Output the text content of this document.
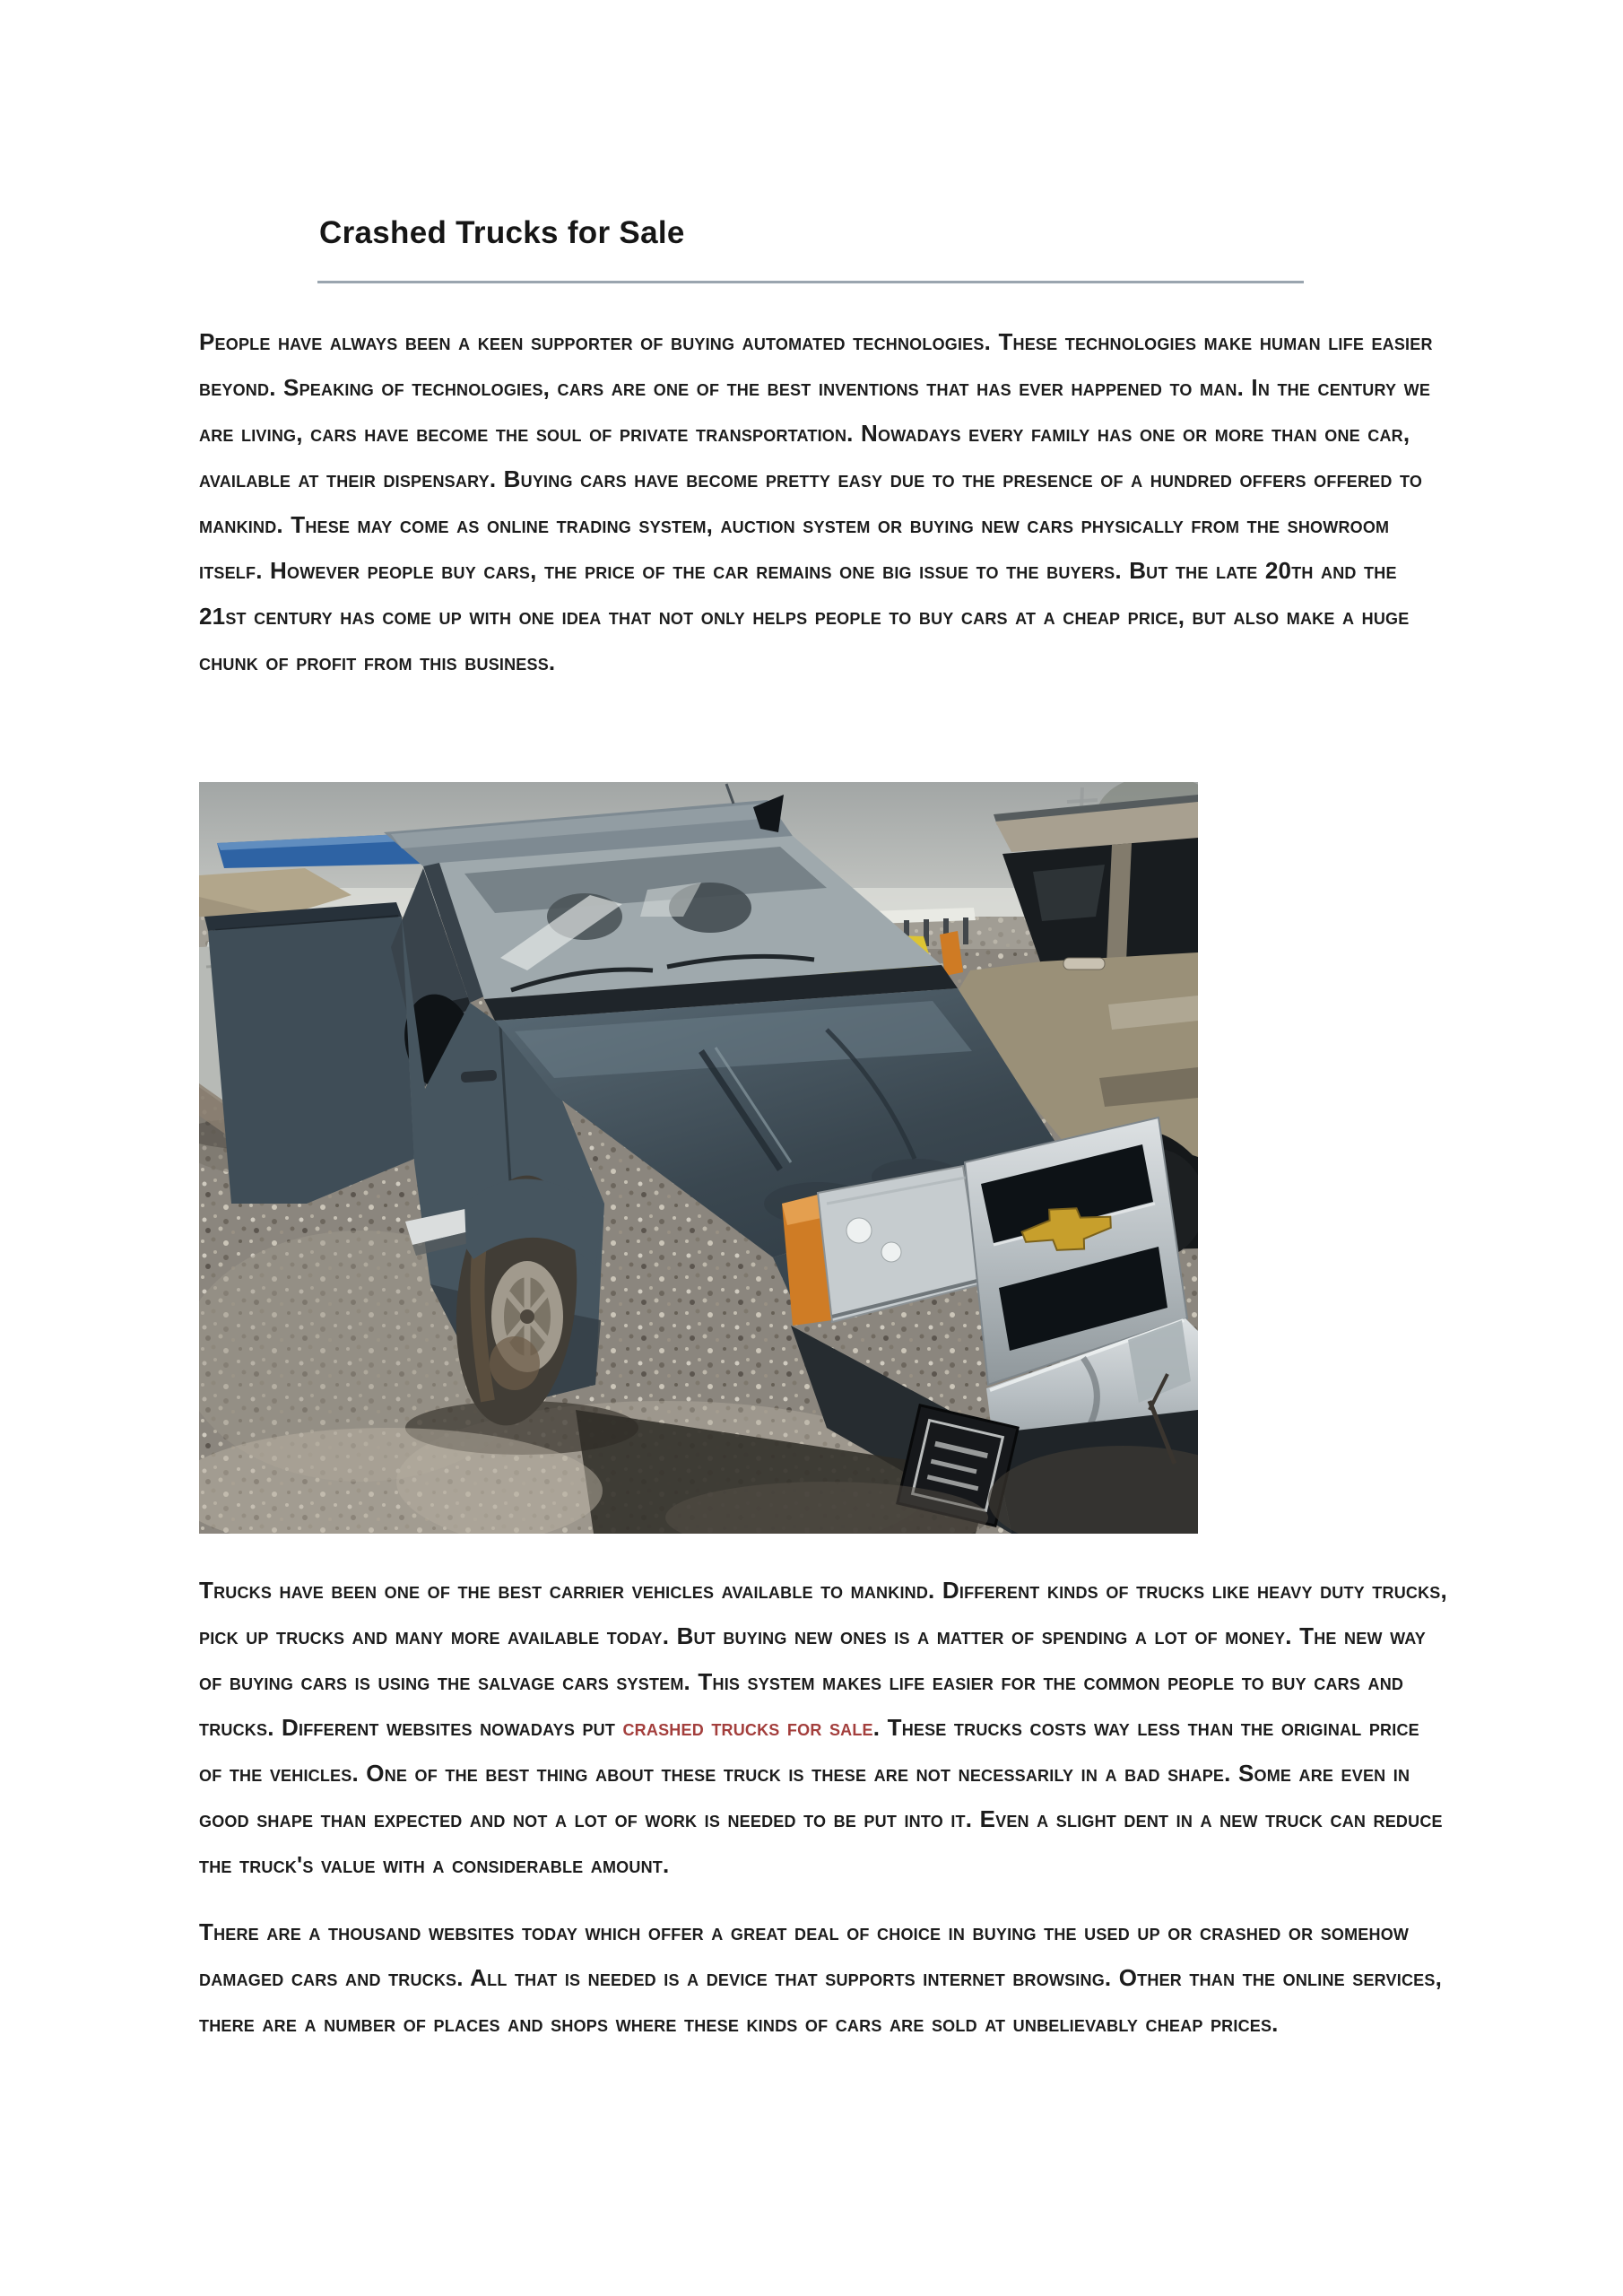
Crashed Trucks for Sale

People have always been a keen supporter of buying automated technologies. These technologies make human life easier beyond. Speaking of technologies, cars are one of the best inventions that has ever happened to man. In the century we are living, cars have become the soul of private transportation. Nowadays every family has one or more than one car, available at their dispensary. Buying cars have become pretty easy due to the presence of a hundred offers offered to mankind. These may come as online trading system, auction system or buying new cars physically from the showroom itself. However people buy cars, the price of the car remains one big issue to the buyers. But the late 20th and the 21st century has come up with one idea that not only helps people to buy cars at a cheap price, but also make a huge chunk of profit from this business.

Trucks have been one of the best carrier vehicles available to mankind. Different kinds of trucks like heavy duty trucks, pick up trucks and many more available today. But buying new ones is a matter of spending a lot of money. The new way of buying cars is using the salvage cars system. This system makes life easier for the common people to buy cars and trucks. Different websites nowadays put crashed trucks for sale. These trucks costs way less than the original price of the vehicles. One of the best thing about these truck is these are not necessarily in a bad shape. Some are even in good shape than expected and not a lot of work is needed to be put into it. Even a slight dent in a new truck can reduce the truck's value with a considerable amount.

There are a thousand websites today which offer a great deal of choice in buying the used up or crashed or somehow damaged cars and trucks. All that is needed is a device that supports internet browsing. Other than the online services, there are a number of places and shops where these kinds of cars are sold at unbelievably cheap prices.
